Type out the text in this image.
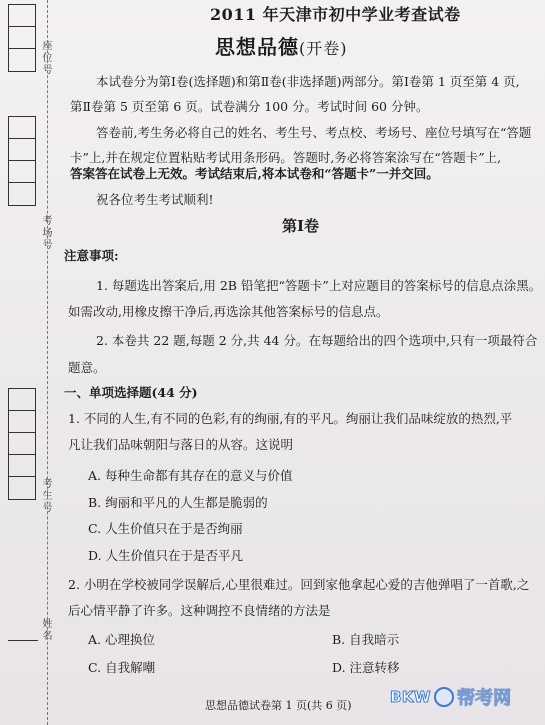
座位号
考场号
考生号
姓名
2011 年天津市初中学业考查试卷
思想品德(开卷)
本试卷分为第Ⅰ卷(选择题)和第Ⅱ卷(非选择题)两部分。第Ⅰ卷第 1 页至第 4 页,
第Ⅱ卷第 5 页至第 6 页。试卷满分 100 分。考试时间 60 分钟。
答卷前,考生务必将自己的姓名、考生号、考点校、考场号、座位号填写在“答题
卡”上,并在规定位置粘贴考试用条形码。答题时,务必将答案涂写在“答题卡”上,
答案答在试卷上无效。考试结束后,将本试卷和“答题卡”一并交回。
祝各位考生考试顺利!
第Ⅰ卷
注意事项:
1. 每题选出答案后,用 2B 铅笔把“答题卡”上对应题目的答案标号的信息点涂黑。
如需改动,用橡皮擦干净后,再选涂其他答案标号的信息点。
2. 本卷共 22 题,每题 2 分,共 44 分。在每题给出的四个选项中,只有一项最符合
题意。
一、单项选择题(44 分)
1. 不同的人生,有不同的色彩,有的绚丽,有的平凡。绚丽让我们品味绽放的热烈,平
凡让我们品味朝阳与落日的从容。这说明
A. 每种生命都有其存在的意义与价值
B. 绚丽和平凡的人生都是脆弱的
C. 人生价值只在于是否绚丽
D. 人生价值只在于是否平凡
2. 小明在学校被同学误解后,心里很难过。回到家他拿起心爱的吉他弹唱了一首歌,之
后心情平静了许多。这种调控不良情绪的方法是
A. 心理换位	B. 自我暗示
C. 自我解嘲	D. 注意转移
思想品德试卷第 1 页(共 6 页)	BKW 帮考网
